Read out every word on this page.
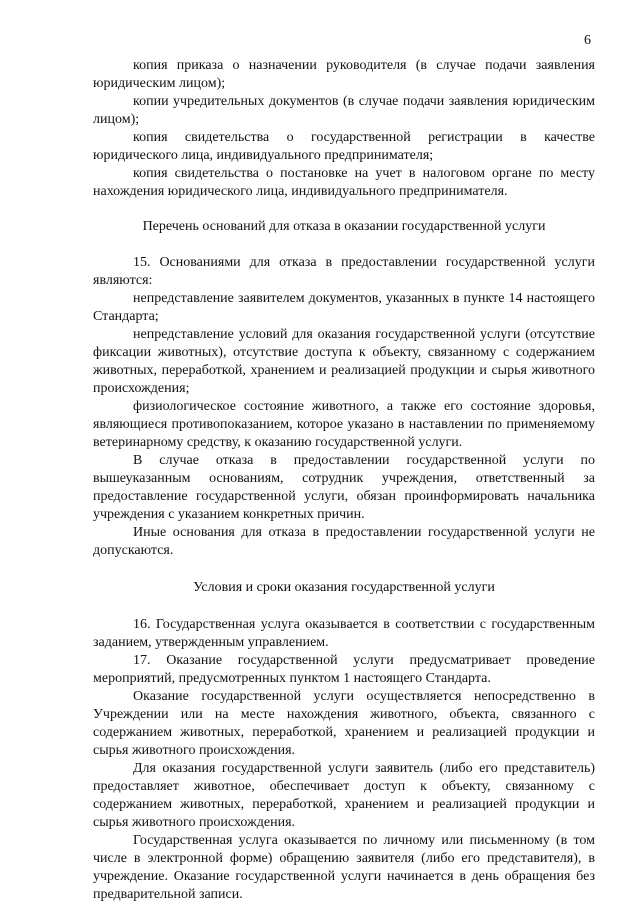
6

копия приказа о назначении руководителя (в случае подачи заявления юридическим лицом);

копии учредительных документов (в случае подачи заявления юридическим лицом);

копия свидетельства о государственной регистрации в качестве юридического лица, индивидуального предпринимателя;

копия свидетельства о постановке на учет в налоговом органе по месту нахождения юридического лица, индивидуального предпринимателя.

Перечень оснований для отказа в оказании государственной услуги

15. Основаниями для отказа в предоставлении государственной услуги являются:

непредставление заявителем документов, указанных в пункте 14 настоящего Стандарта;

непредставление условий для оказания государственной услуги (отсутствие фиксации животных), отсутствие доступа к объекту, связанному с содержанием животных, переработкой, хранением и реализацией продукции и сырья животного происхождения;

физиологическое состояние животного, а также его состояние здоровья, являющиеся противопоказанием, которое указано в наставлении по применяемому ветеринарному средству, к оказанию государственной услуги.

В случае отказа в предоставлении государственной услуги по вышеуказанным основаниям, сотрудник учреждения, ответственный за предоставление государственной услуги, обязан проинформировать начальника учреждения с указанием конкретных причин.

Иные основания для отказа в предоставлении государственной услуги не допускаются.

Условия и сроки оказания государственной услуги

16. Государственная услуга оказывается в соответствии с государственным заданием, утвержденным управлением.

17. Оказание государственной услуги предусматривает проведение мероприятий, предусмотренных пунктом 1 настоящего Стандарта.

Оказание государственной услуги осуществляется непосредственно в Учреждении или на месте нахождения животного, объекта, связанного с содержанием животных, переработкой, хранением и реализацией продукции и сырья животного происхождения.

Для оказания государственной услуги заявитель (либо его представитель) предоставляет животное, обеспечивает доступ к объекту, связанному с содержанием животных, переработкой, хранением и реализацией продукции и сырья животного происхождения.

Государственная услуга оказывается по личному или письменному (в том числе в электронной форме) обращению заявителя (либо его представителя), в учреждение. Оказание государственной услуги начинается в день обращения без предварительной записи.
